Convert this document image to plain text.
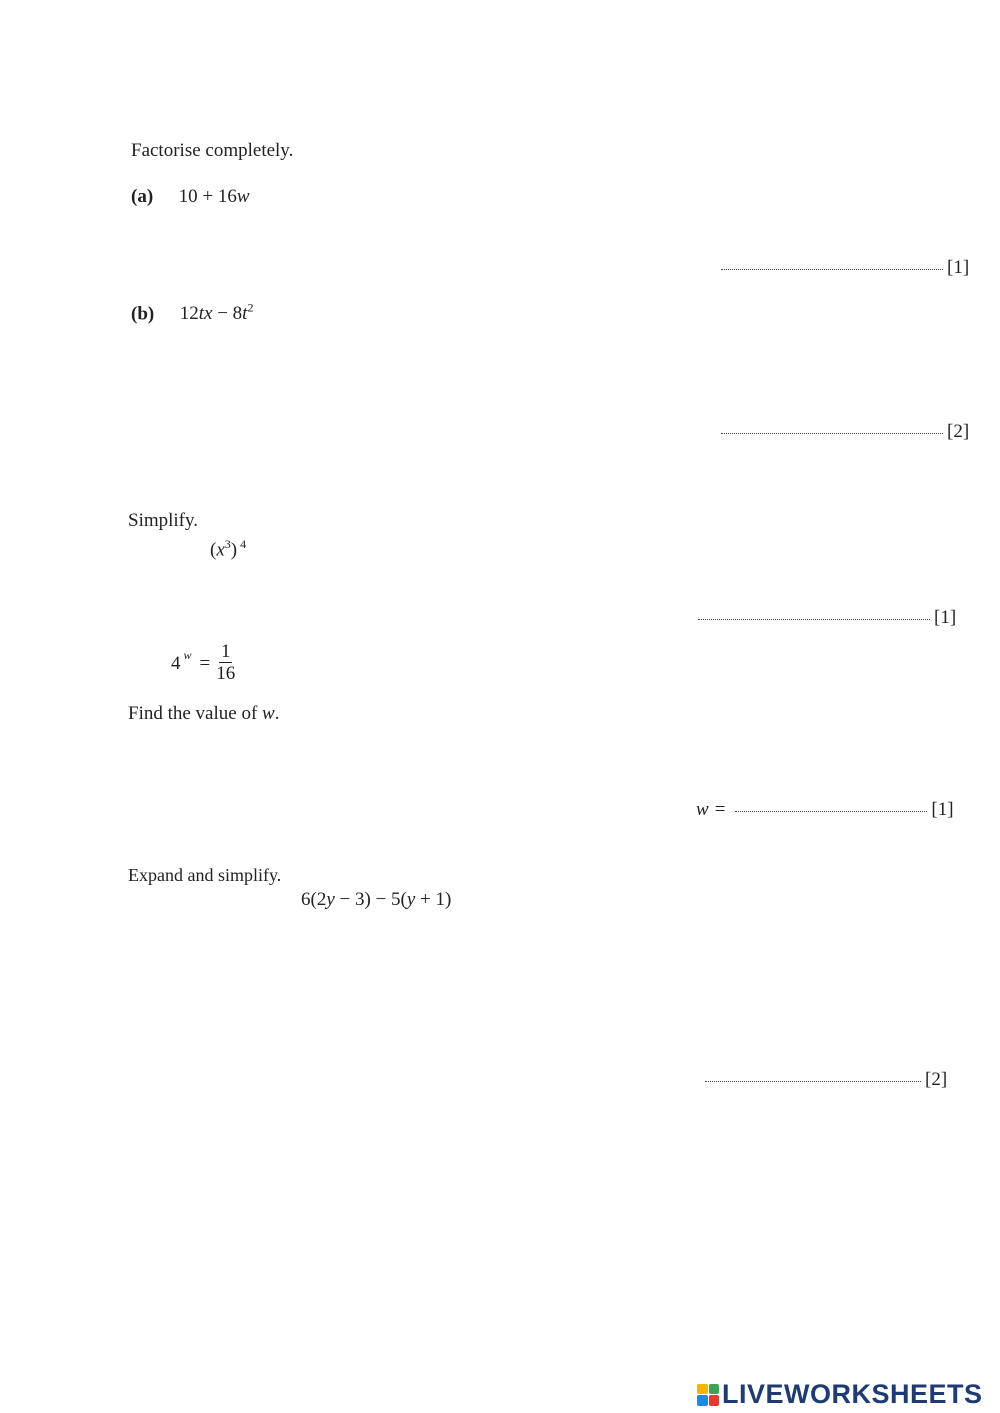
Factorise completely.
(a) 10 + 16w
[1]
(b) $12tx - 8t^2$
[2]
Simplify.
$(x^3)$ $^4$
[1]
4 $^w = \frac{1}{16}$
Find the value of w.
w =	[1]
Expand and simplify.
6(2y − 3) − 5(y + 1)
[2]
LIVEWORKSHEETS
